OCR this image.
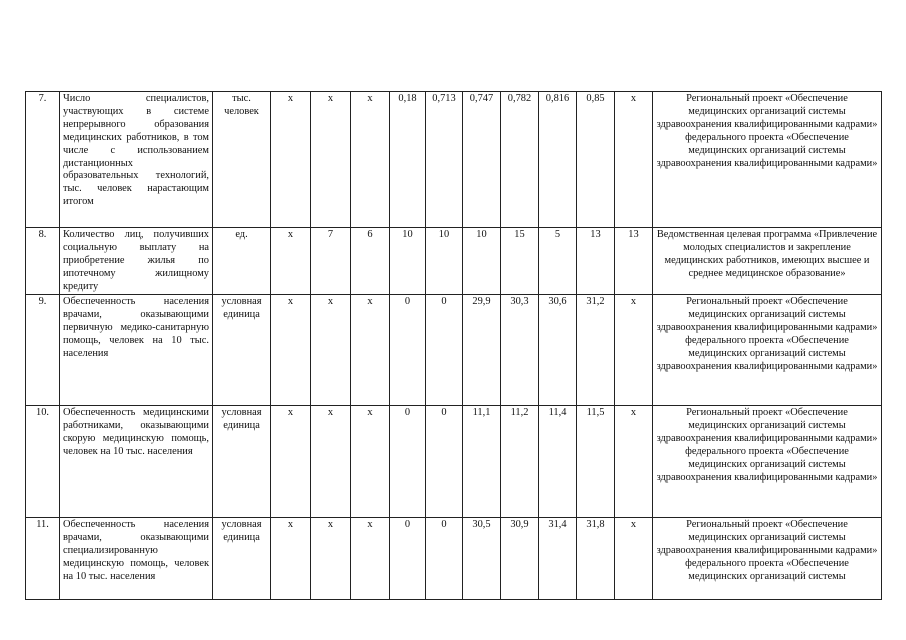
7.	Число специалистов, участвующих в системе непрерывного образования медицинских работников, в том числе с использованием дистанционных образовательных технологий, тыс. человек нарастающим итогом	тыс. человек	x	x	x	0,18	0,713	0,747	0,782	0,816	0,85	x	Региональный проект «Обеспечение медицинских организаций системы здравоохранения квалифицированными кадрами» федерального проекта «Обеспечение медицинских организаций системы здравоохранения квалифицированными кадрами»
8.	Количество лиц, получивших социальную выплату на приобретение жилья по ипотечному жилищному кредиту	ед.	x	7	6	10	10	10	15	5	13	13	Ведомственная целевая программа «Привлечение молодых специалистов и закрепление медицинских работников, имеющих высшее и среднее медицинское образование»
9.	Обеспеченность населения врачами, оказывающими первичную медико-санитарную помощь, человек на 10 тыс. населения	условная единица	x	x	x	0	0	29,9	30,3	30,6	31,2	x	Региональный проект «Обеспечение медицинских организаций системы здравоохранения квалифицированными кадрами» федерального проекта «Обеспечение медицинских организаций системы здравоохранения квалифицированными кадрами»
10.	Обеспеченность медицинскими работниками, оказывающими скорую медицинскую помощь, человек на 10 тыс. населения	условная единица	x	x	x	0	0	11,1	11,2	11,4	11,5	x	Региональный проект «Обеспечение медицинских организаций системы здравоохранения квалифицированными кадрами» федерального проекта «Обеспечение медицинских организаций системы здравоохранения квалифицированными кадрами»
11.	Обеспеченность населения врачами, оказывающими специализированную медицинскую помощь, человек на 10 тыс. населения	условная единица	x	x	x	0	0	30,5	30,9	31,4	31,8	x	Региональный проект «Обеспечение медицинских организаций системы здравоохранения квалифицированными кадрами» федерального проекта «Обеспечение медицинских организаций системы
